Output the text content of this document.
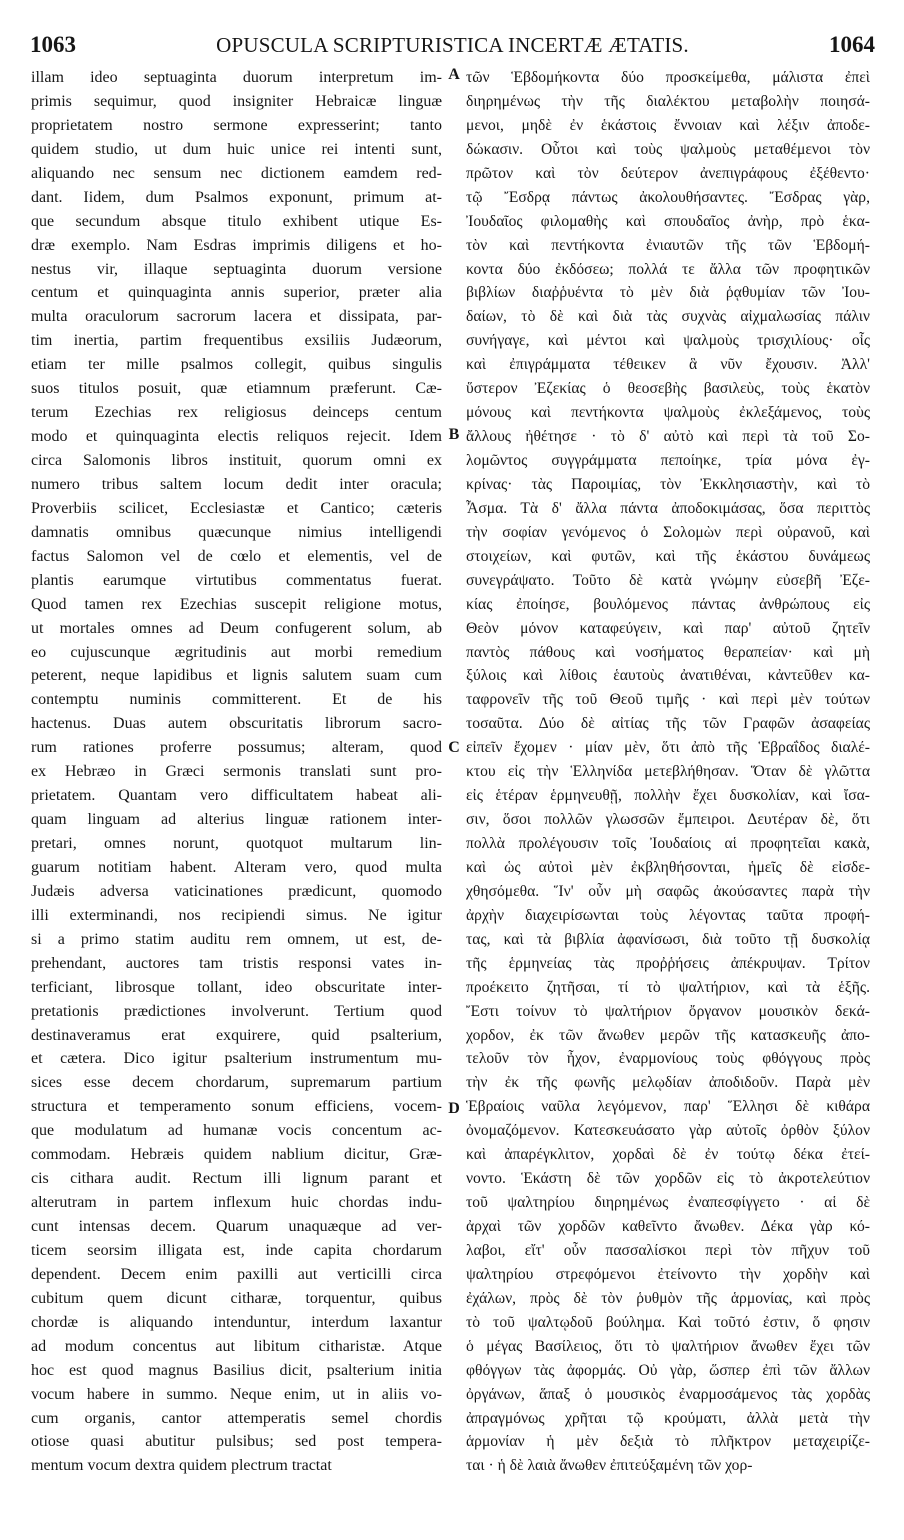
1063	OPUSCULA SCRIPTURISTICA INCERTÆ ÆTATIS.	1064
illam ideo septuaginta duorum interpretum im-
primis sequimur, quod insigniter Hebraicæ linguæ
proprietatem nostro sermone expresserint; tanto
quidem studio, ut dum huic unice rei intenti sunt,
aliquando nec sensum nec dictionem eamdem red-
dant. Iidem, dum Psalmos exponunt, primum at-
que secundum absque titulo exhibent utique Es-
dræ exemplo. Nam Esdras imprimis diligens et ho-
nestus vir, illaque septuaginta duorum versione
centum et quinquaginta annis superior, præter alia
multa oraculorum sacrorum lacera et dissipata, par-
tim inertia, partim frequentibus exsiliis Judæorum,
etiam ter mille psalmos collegit, quibus singulis
suos titulos posuit, quæ etiamnum præferunt. Cæ-
terum Ezechias rex religiosus deinceps centum
modo et quinquaginta electis reliquos rejecit. Idem
circa Salomonis libros instituit, quorum omni ex
numero tribus saltem locum dedit inter oracula;
Proverbiis scilicet, Ecclesiastæ et Cantico; cæteris
damnatis omnibus quæcunque nimius intelligendi
factus Salomon vel de cœlo et elementis, vel de
plantis earumque virtutibus commentatus fuerat.
Quod tamen rex Ezechias suscepit religione motus,
ut mortales omnes ad Deum confugerent solum, ab
eo cujuscunque ægritudinis aut morbi remedium
peterent, neque lapidibus et lignis salutem suam cum
contemptu numinis committerent. Et de his
hactenus. Duas autem obscuritatis librorum sacro-
rum rationes proferre possumus; alteram, quod
ex Hebræo in Græci sermonis translati sunt pro-
prietatem. Quantam vero difficultatem habeat ali-
quam linguam ad alterius linguæ rationem inter-
pretari, omnes norunt, quotquot multarum lin-
guarum notitiam habent. Alteram vero, quod multa
Judæis adversa vaticinationes prædicunt, quomodo
illi exterminandi, nos recipiendi simus. Ne igitur
si a primo statim auditu rem omnem, ut est, de-
prehendant, auctores tam tristis responsi vates in-
terficiant, librosque tollant, ideo obscuritate inter-
pretationis prædictiones involverunt. Tertium quod
destinaveramus erat exquirere, quid psalterium,
et cætera. Dico igitur psalterium instrumentum mu-
sices esse decem chordarum, supremarum partium
structura et temperamento sonum efficiens, vocem-
que modulatum ad humanæ vocis concentum ac-
commodam. Hebræis quidem nablium dicitur, Græ-
cis cithara audit. Rectum illi lignum parant et
alterutram in partem inflexum huic chordas indu-
cunt intensas decem. Quarum unaquæque ad ver-
ticem seorsim illigata est, inde capita chordarum
dependent. Decem enim paxilli aut verticilli circa
cubitum quem dicunt citharæ, torquentur, quibus
chordæ is aliquando intenduntur, interdum laxantur
ad modum concentus aut libitum citharistæ. Atque
hoc est quod magnus Basilius dicit, psalterium initia
vocum habere in summo. Neque enim, ut in aliis vo-
cum organis, cantor attemperatis semel chordis
otiose quasi abutitur pulsibus; sed post tempera-
mentum vocum dextra quidem plectrum tractat
A
B
C
D
τῶν Ἑβδομήκοντα δύο προσκείμεθα, μάλιστα ἐπεὶ
διηρημένως τὴν τῆς διαλέκτου μεταβολὴν ποιησά-
μενοι, μηδὲ ἐν ἑκάστοις ἔννοιαν καὶ λέξιν ἀποδε-
δώκασιν. Οὗτοι καὶ τοὺς ψαλμοὺς μεταθέμενοι τὸν
πρῶτον καὶ τὸν δεύτερον ἀνεπιγράφους ἐξέθεντο·
τῷ Ἔσδρᾳ πάντως ἀκολουθήσαντες. Ἔσδρας γὰρ,
Ἰουδαῖος φιλομαθὴς καὶ σπουδαῖος ἀνὴρ, πρὸ ἑκα-
τὸν καὶ πεντήκοντα ἐνιαυτῶν τῆς τῶν Ἑβδομή-
κοντα δύο ἐκδόσεω; πολλά τε ἄλλα τῶν προφητικῶν
βιβλίων διαῤῥυέντα τὸ μὲν διὰ ῥᾳθυμίαν τῶν Ἰου-
δαίων, τὸ δὲ καὶ διὰ τὰς συχνὰς αἰχμαλωσίας πάλιν
συνήγαγε, καὶ μέντοι καὶ ψαλμοὺς τρισχιλίους· οἷς
καὶ ἐπιγράμματα τέθεικεν ἃ νῦν ἔχουσιν. Ἀλλ'
ὕστερον Ἐζεκίας ὁ θεοσεβὴς βασιλεὺς, τοὺς ἑκατὸν
μόνους καὶ πεντήκοντα ψαλμοὺς ἐκλεξάμενος, τοὺς
ἄλλους ἠθέτησε · τὸ δ' αὐτὸ καὶ περὶ τὰ τοῦ Σο-
λομῶντος συγγράμματα πεποίηκε, τρία μόνα ἐγ-
κρίνας· τὰς Παροιμίας, τὸν Ἐκκλησιαστὴν, καὶ τὸ
Ἆσμα. Τὰ δ' ἄλλα πάντα ἀποδοκιμάσας, ὅσα περιττὸς
τὴν σοφίαν γενόμενος ὁ Σολομὼν περὶ οὐρανοῦ, καὶ
στοιχείων, καὶ φυτῶν, καὶ τῆς ἑκάστου δυνάμεως
συνεγράψατο. Τοῦτο δὲ κατὰ γνώμην εὐσεβῆ Ἐζε-
κίας ἐποίησε, βουλόμενος πάντας ἀνθρώπους εἰς
Θεὸν μόνον καταφεύγειν, καὶ παρ' αὐτοῦ ζητεῖν
παντὸς πάθους καὶ νοσήματος θεραπείαν· καὶ μὴ
ξύλοις καὶ λίθοις ἑαυτοὺς ἀνατιθέναι, κἀντεῦθεν κα-
ταφρονεῖν τῆς τοῦ Θεοῦ τιμῆς · καὶ περὶ μὲν τούτων
τοσαῦτα. Δύο δὲ αἰτίας τῆς τῶν Γραφῶν ἀσαφείας
εἰπεῖν ἔχομεν · μίαν μὲν, ὅτι ἀπὸ τῆς Ἑβραΐδος διαλέ-
κτου εἰς τὴν Ἑλληνίδα μετεβλήθησαν. Ὅταν δὲ γλῶττα
εἰς ἑτέραν ἑρμηνευθῇ, πολλὴν ἔχει δυσκολίαν, καὶ ἴσα-
σιν, ὅσοι πολλῶν γλωσσῶν ἔμπειροι. Δευτέραν δὲ, ὅτι
πολλὰ προλέγουσιν τοῖς Ἰουδαίοις αἱ προφητεῖαι κακὰ,
καὶ ὡς αὐτοὶ μὲν ἐκβληθήσονται, ἡμεῖς δὲ εἰσδε-
χθησόμεθα. Ἵν' οὖν μὴ σαφῶς ἀκούσαντες παρὰ τὴν
ἀρχὴν διαχειρίσωνται τοὺς λέγοντας ταῦτα προφή-
τας, καὶ τὰ βιβλία ἀφανίσωσι, διὰ τοῦτο τῇ δυσκολίᾳ
τῆς ἑρμηνείας τὰς προῤῥήσεις ἀπέκρυψαν. Τρίτον
προέκειτο ζητῆσαι, τί τὸ ψαλτήριον, καὶ τὰ ἑξῆς.
Ἔστι τοίνυν τὸ ψαλτήριον ὄργανον μουσικὸν δεκά-
χορδον, ἐκ τῶν ἄνωθεν μερῶν τῆς κατασκευῆς ἀπο-
τελοῦν τὸν ἦχον, ἐναρμονίους τοὺς φθόγγους πρὸς
τὴν ἐκ τῆς φωνῆς μελῳδίαν ἀποδιδοῦν. Παρὰ μὲν
Ἑβραίοις ναῦλα λεγόμενον, παρ' Ἕλλησι δὲ κιθάρα
ὀνομαζόμενον. Κατεσκευάσατο γὰρ αὐτοῖς ὀρθὸν ξύλον
καὶ ἀπαρέγκλιτον, χορδαὶ δὲ ἐν τούτῳ δέκα ἐτεί-
νοντο. Ἑκάστη δὲ τῶν χορδῶν εἰς τὸ ἀκροτελεύτιον
τοῦ ψαλτηρίου διηρημένως ἐναπεσφίγγετο · αἱ δὲ
ἀρχαὶ τῶν χορδῶν καθεῖντο ἄνωθεν. Δέκα γὰρ κό-
λαβοι, εἴτ' οὖν πασσαλίσκοι περὶ τὸν πῆχυν τοῦ
ψαλτηρίου στρεφόμενοι ἐτείνοντο τὴν χορδὴν καὶ
ἐχάλων, πρὸς δὲ τὸν ῥυθμὸν τῆς ἁρμονίας, καὶ πρὸς
τὸ τοῦ ψαλτῳδοῦ βούλημα. Καὶ τοῦτό ἐστιν, ὅ φησιν
ὁ μέγας Βασίλειος, ὅτι τὸ ψαλτήριον ἄνωθεν ἔχει τῶν
φθόγγων τὰς ἀφορμάς. Οὐ γὰρ, ὥσπερ ἐπὶ τῶν ἄλλων
ὀργάνων, ἅπαξ ὁ μουσικὸς ἐναρμοσάμενος τὰς χορδὰς
ἀπραγμόνως χρῆται τῷ κρούματι, ἀλλὰ μετὰ τὴν
ἁρμονίαν ἡ μὲν δεξιὰ τὸ πλῆκτρον μεταχειρίζε-
ται · ἡ δὲ λαιὰ ἄνωθεν ἐπιτεύξαμένη τῶν χορ-
